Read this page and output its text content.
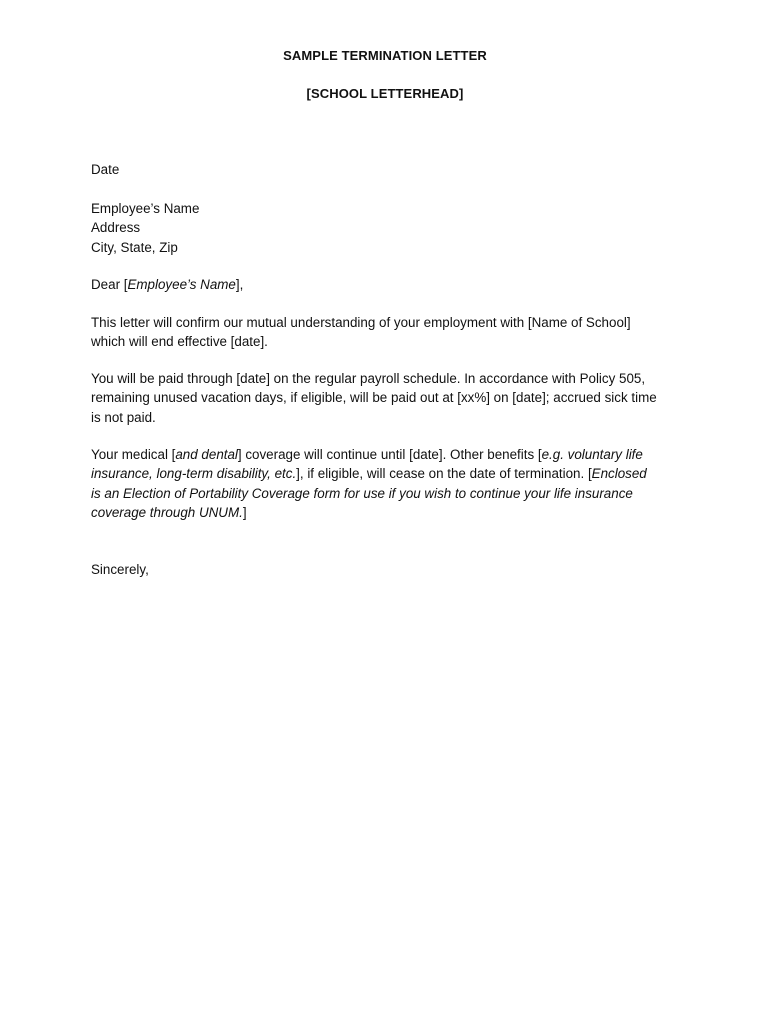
SAMPLE TERMINATION LETTER
[SCHOOL LETTERHEAD]
Date
Employee’s Name
Address
City, State, Zip
Dear [Employee’s Name],
This letter will confirm our mutual understanding of your employment with [Name of School]
which will end effective [date].
You will be paid through [date] on the regular payroll schedule. In accordance with Policy 505,
remaining unused vacation days, if eligible, will be paid out at [xx%] on [date]; accrued sick time
is not paid.
Your medical [and dental] coverage will continue until [date]. Other benefits [e.g. voluntary life
insurance, long-term disability, etc.], if eligible, will cease on the date of termination. [Enclosed
is an Election of Portability Coverage form for use if you wish to continue your life insurance
coverage through UNUM.]
Sincerely,
